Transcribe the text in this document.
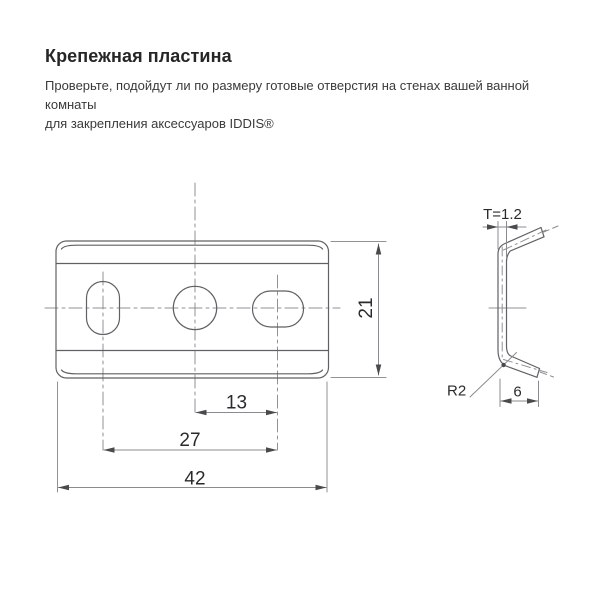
Крепежная пластина
Проверьте, подойдут ли по размеру готовые отверстия на стенах вашей ванной комнаты
для закрепления аксессуаров IDDIS®
21
13
27
42
T=1.2
R2	6
